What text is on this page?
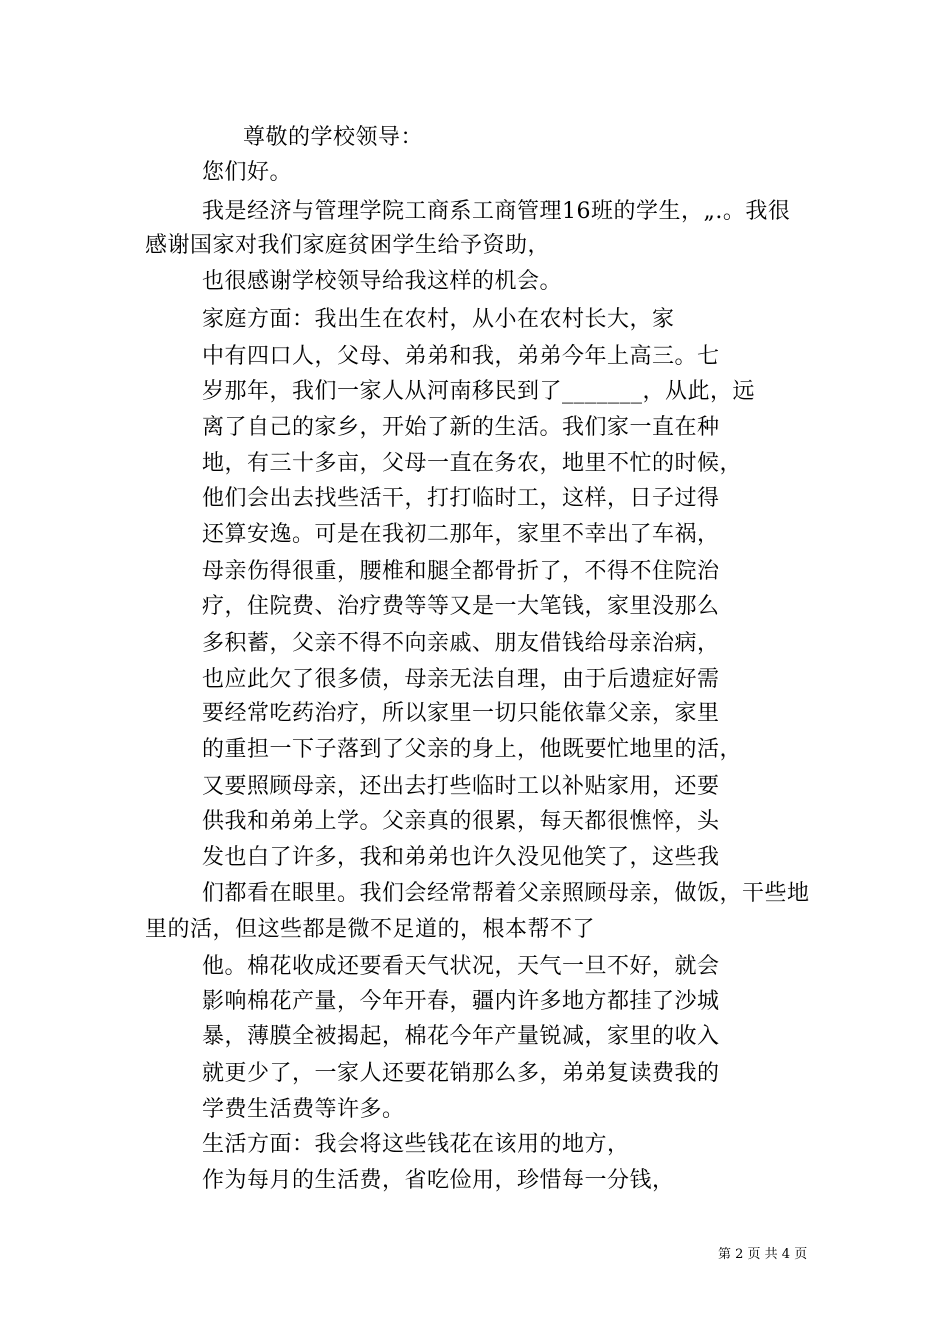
尊敬的学校领导：
您们好。
我是经济与管理学院工商系工商管理16班的学生，„.。我很
感谢国家对我们家庭贫困学生给予资助，
也很感谢学校领导给我这样的机会。
家庭方面：我出生在农村，从小在农村长大，家
中有四口人，父母、弟弟和我，弟弟今年上高三。七
岁那年，我们一家人从河南移民到了_______，从此，远
离了自己的家乡，开始了新的生活。我们家一直在种
地，有三十多亩，父母一直在务农，地里不忙的时候，
他们会出去找些活干，打打临时工，这样，日子过得
还算安逸。可是在我初二那年，家里不幸出了车祸，
母亲伤得很重，腰椎和腿全都骨折了，不得不住院治
疗，住院费、治疗费等等又是一大笔钱，家里没那么
多积蓄，父亲不得不向亲戚、朋友借钱给母亲治病，
也应此欠了很多债，母亲无法自理，由于后遗症好需
要经常吃药治疗，所以家里一切只能依靠父亲，家里
的重担一下子落到了父亲的身上，他既要忙地里的活，
又要照顾母亲，还出去打些临时工以补贴家用，还要
供我和弟弟上学。父亲真的很累，每天都很憔悴，头
发也白了许多，我和弟弟也许久没见他笑了，这些我
们都看在眼里。我们会经常帮着父亲照顾母亲，做饭，干些地
里的活，但这些都是微不足道的，根本帮不了
他。棉花收成还要看天气状况，天气一旦不好，就会
影响棉花产量，今年开春，疆内许多地方都挂了沙城
暴，薄膜全被揭起，棉花今年产量锐减，家里的收入
就更少了，一家人还要花销那么多，弟弟复读费我的
学费生活费等许多。
生活方面：我会将这些钱花在该用的地方，
作为每月的生活费，省吃俭用，珍惜每一分钱，
第 2 页 共 4 页
